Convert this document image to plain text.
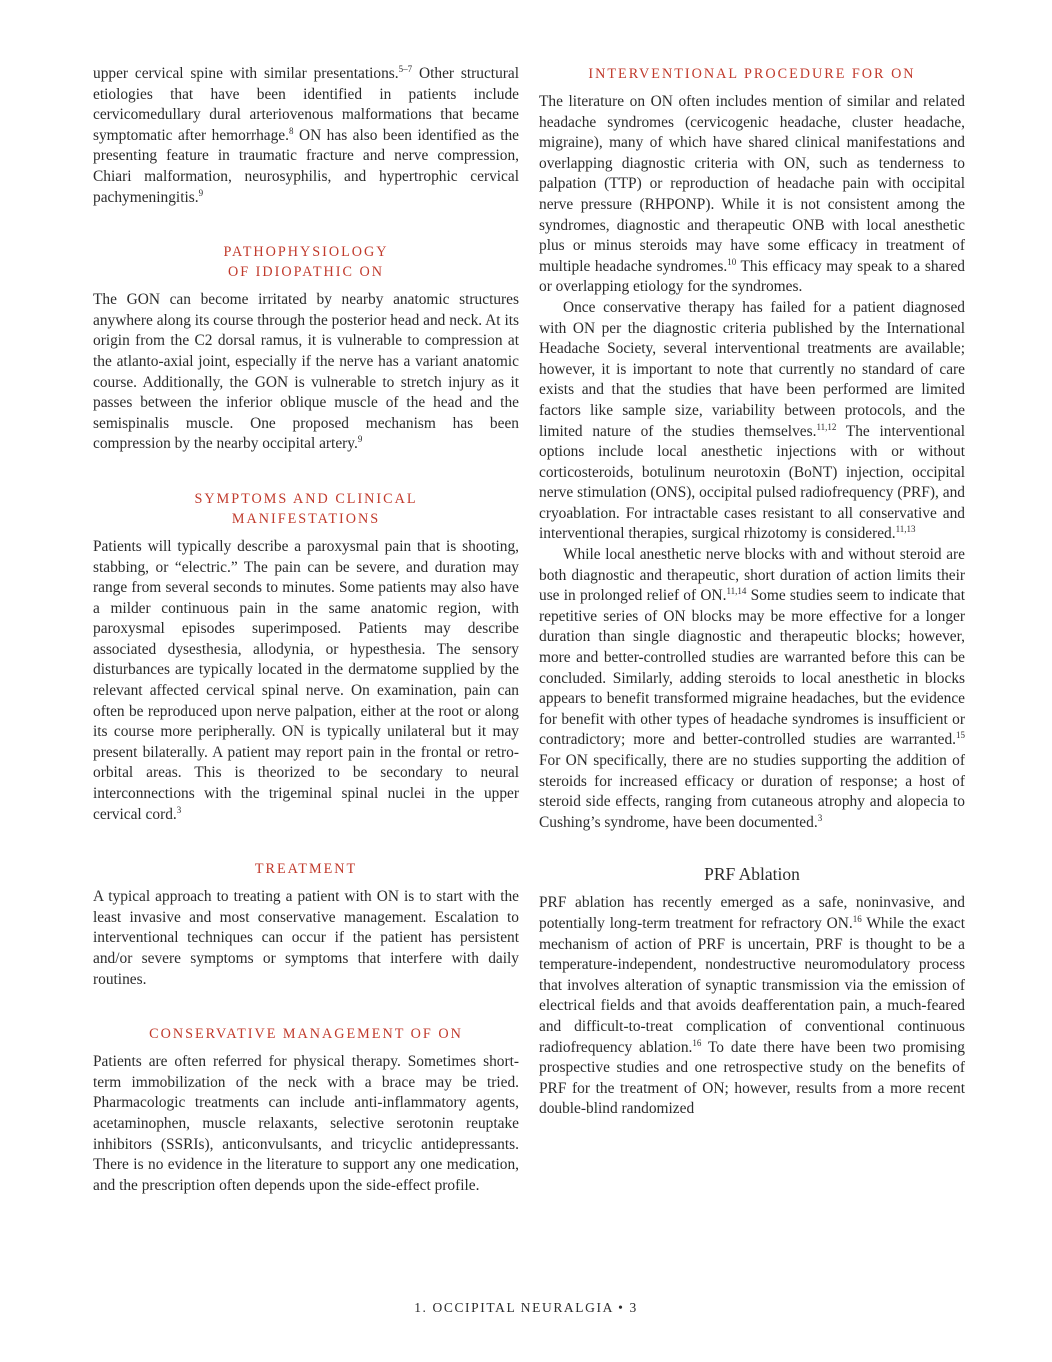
upper cervical spine with similar presentations.$^{5-7}$ Other structural etiologies that have been identified in patients include cervicomedullary dural arteriovenous malformations that became symptomatic after hemorrhage.$^8$ ON has also been identified as the presenting feature in traumatic fracture and nerve compression, Chiari malformation, neurosyphilis, and hypertrophic cervical pachymeningitis.$^9$

PATHOPHYSIOLOGY
OF IDIOPATHIC ON

The GON can become irritated by nearby anatomic structures anywhere along its course through the posterior head and neck. At its origin from the C2 dorsal ramus, it is vulnerable to compression at the atlanto-axial joint, especially if the nerve has a variant anatomic course. Additionally, the GON is vulnerable to stretch injury as it passes between the inferior oblique muscle of the head and the semispinalis muscle. One proposed mechanism has been compression by the nearby occipital artery.$^9$

SYMPTOMS AND CLINICAL
MANIFESTATIONS

Patients will typically describe a paroxysmal pain that is shooting, stabbing, or “electric.” The pain can be severe, and duration may range from several seconds to minutes. Some patients may also have a milder continuous pain in the same anatomic region, with paroxysmal episodes superimposed. Patients may describe associated dysesthesia, allodynia, or hypesthesia. The sensory disturbances are typically located in the dermatome supplied by the relevant affected cervical spinal nerve. On examination, pain can often be reproduced upon nerve palpation, either at the root or along its course more peripherally. ON is typically unilateral but it may present bilaterally. A patient may report pain in the frontal or retro-orbital areas. This is theorized to be secondary to neural interconnections with the trigeminal spinal nuclei in the upper cervical cord.$^3$

TREATMENT

A typical approach to treating a patient with ON is to start with the least invasive and most conservative management. Escalation to interventional techniques can occur if the patient has persistent and/or severe symptoms or symptoms that interfere with daily routines.

CONSERVATIVE MANAGEMENT OF ON

Patients are often referred for physical therapy. Sometimes short-term immobilization of the neck with a brace may be tried. Pharmacologic treatments can include anti-inflammatory agents, acetaminophen, muscle relaxants, selective serotonin reuptake inhibitors (SSRIs), anticonvulsants, and tricyclic antidepressants. There is no evidence in the literature to support any one medication, and the prescription often depends upon the side-effect profile.

INTERVENTIONAL PROCEDURE FOR ON

The literature on ON often includes mention of similar and related headache syndromes (cervicogenic headache, cluster headache, migraine), many of which have shared clinical manifestations and overlapping diagnostic criteria with ON, such as tenderness to palpation (TTP) or reproduction of headache pain with occipital nerve pressure (RHPONP). While it is not consistent among the syndromes, diagnostic and therapeutic ONB with local anesthetic plus or minus steroids may have some efficacy in treatment of multiple headache syndromes.$^{10}$ This efficacy may speak to a shared or overlapping etiology for the syndromes.

Once conservative therapy has failed for a patient diagnosed with ON per the diagnostic criteria published by the International Headache Society, several interventional treatments are available; however, it is important to note that currently no standard of care exists and that the studies that have been performed are limited factors like sample size, variability between protocols, and the limited nature of the studies themselves.$^{11,12}$ The interventional options include local anesthetic injections with or without corticosteroids, botulinum neurotoxin (BoNT) injection, occipital nerve stimulation (ONS), occipital pulsed radiofrequency (PRF), and cryoablation. For intractable cases resistant to all conservative and interventional therapies, surgical rhizotomy is considered.$^{11,13}$

While local anesthetic nerve blocks with and without steroid are both diagnostic and therapeutic, short duration of action limits their use in prolonged relief of ON.$^{11,14}$ Some studies seem to indicate that repetitive series of ON blocks may be more effective for a longer duration than single diagnostic and therapeutic blocks; however, more and better-controlled studies are warranted before this can be concluded. Similarly, adding steroids to local anesthetic in blocks appears to benefit transformed migraine headaches, but the evidence for benefit with other types of headache syndromes is insufficient or contradictory; more and better-controlled studies are warranted.$^{15}$ For ON specifically, there are no studies supporting the addition of steroids for increased efficacy or duration of response; a host of steroid side effects, ranging from cutaneous atrophy and alopecia to Cushing’s syndrome, have been documented.$^3$

PRF Ablation

PRF ablation has recently emerged as a safe, noninvasive, and potentially long-term treatment for refractory ON.$^{16}$ While the exact mechanism of action of PRF is uncertain, PRF is thought to be a temperature-independent, nondestructive neuromodulatory process that involves alteration of synaptic transmission via the emission of electrical fields and that avoids deafferentation pain, a much-feared and difficult-to-treat complication of conventional continuous radiofrequency ablation.$^{16}$ To date there have been two promising prospective studies and one retrospective study on the benefits of PRF for the treatment of ON; however, results from a more recent double-blind randomized

1. OCCIPITAL NEURALGIA • 3
